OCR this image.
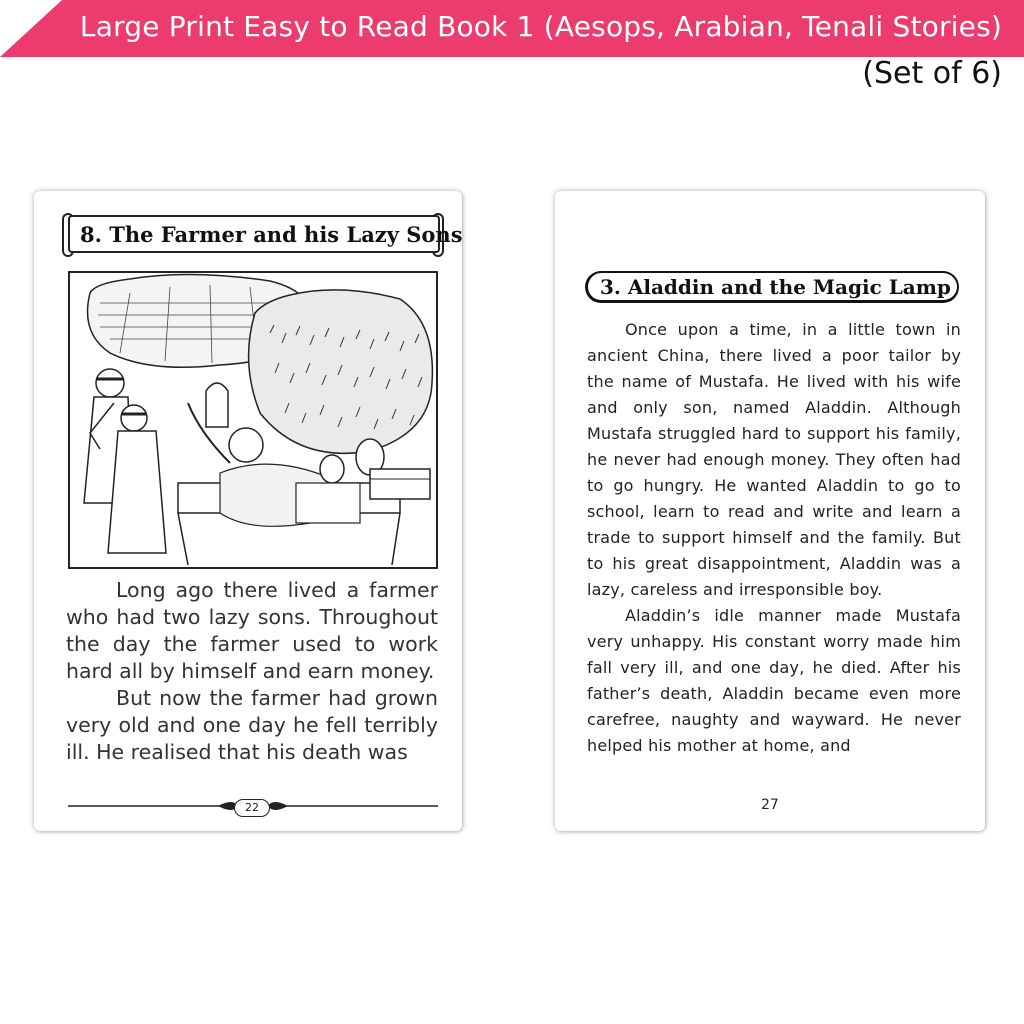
Large Print Easy to Read Book 1 (Aesops, Arabian, Tenali Stories)
(Set of 6)
8. The Farmer and his Lazy Sons

Long ago there lived a farmer who had two lazy sons. Throughout the day the farmer used to work hard all by himself and earn money.

But now the farmer had grown very old and one day he fell terribly ill. He realised that his death was

22
3. Aladdin and the Magic Lamp

Once upon a time, in a little town in ancient China, there lived a poor tailor by the name of Mustafa. He lived with his wife and only son, named Aladdin. Although Mustafa struggled hard to support his family, he never had enough money. They often had to go hungry. He wanted Aladdin to go to school, learn to read and write and learn a trade to support himself and the family. But to his great disappointment, Aladdin was a lazy, careless and irresponsible boy.

Aladdin’s idle manner made Mustafa very unhappy. His constant worry made him fall very ill, and one day, he died. After his father’s death, Aladdin became even more carefree, naughty and wayward. He never helped his mother at home, and

27
